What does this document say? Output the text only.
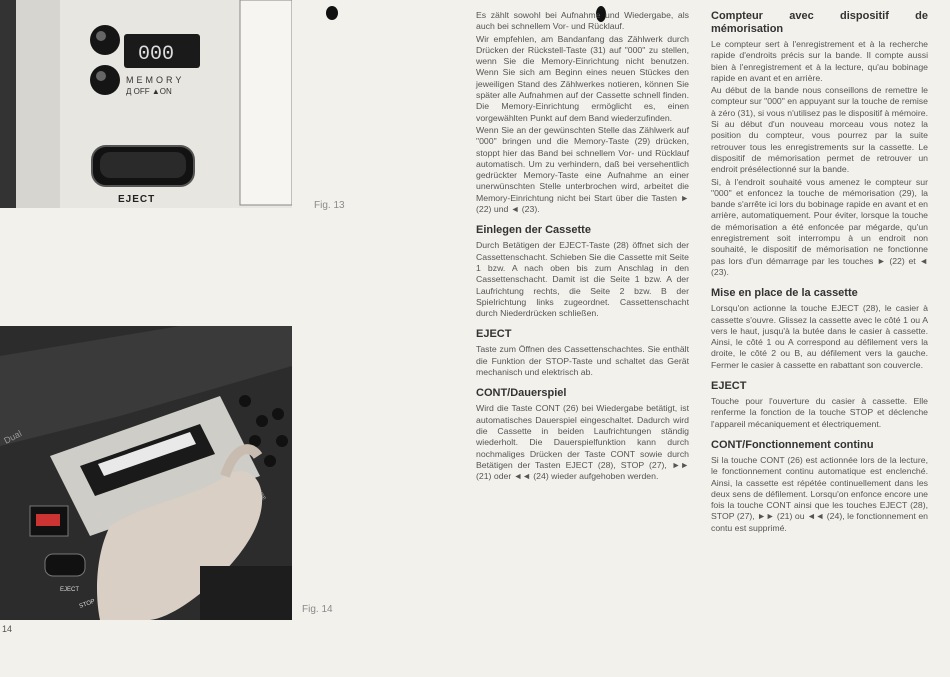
000
MEMORY
Д OFF ▲ON
EJECT
Fig. 13
Dual
EJECT
STOP	Fig. 14
14

Es zählt sowohl bei Aufnahme und Wiedergabe, als auch bei schnellem Vor- und Rücklauf.

Wir empfehlen, am Bandanfang das Zählwerk durch Drücken der Rückstell-Taste (31) auf "000" zu stellen, wenn Sie die Memory-Einrichtung nicht benutzen. Wenn Sie sich am Beginn eines neuen Stückes den jeweiligen Stand des Zählwerkes notieren, können Sie später alle Aufnahmen auf der Cassette schnell finden. Die Memory-Einrichtung ermöglicht es, einen vorgewählten Punkt auf dem Band wiederzufinden.

Wenn Sie an der gewünschten Stelle das Zählwerk auf "000" bringen und die Memory-Taste (29) drücken, stoppt hier das Band bei schnellem Vor- und Rücklauf automatisch. Um zu verhindern, daß bei versehentlich gedrückter Memory-Taste eine Aufnahme an einer unerwünschten Stelle unterbrochen wird, arbeitet die Memory-Einrichtung nicht bei Start über die Tasten ► (22) und ◄ (23).

Einlegen der Cassette

Durch Betätigen der EJECT-Taste (28) öffnet sich der Cassettenschacht. Schieben Sie die Cassette mit Seite 1 bzw. A nach oben bis zum Anschlag in den Cassettenschacht. Damit ist die Seite 1 bzw. A der Laufrichtung rechts, die Seite 2 bzw. B der Spielrichtung links zugeordnet. Cassettenschacht durch Niederdrücken schließen.

EJECT

Taste zum Öffnen des Cassettenschachtes. Sie enthält die Funktion der STOP-Taste und schaltet das Gerät mechanisch und elektrisch ab.

CONT/Dauerspiel

Wird die Taste CONT (26) bei Wiedergabe betätigt, ist automatisches Dauerspiel eingeschaltet. Dadurch wird die Cassette in beiden Laufrichtungen ständig wiederholt. Die Dauerspielfunktion kann durch nochmaliges Drücken der Taste CONT sowie durch Betätigen der Tasten EJECT (28), STOP (27), ►► (21) oder ◄◄ (24) wieder aufgehoben werden.

Compteur avec dispositif de mémorisation

Le compteur sert à l'enregistrement et à la recherche rapide d'endroits précis sur la bande. Il compte aussi bien à l'enregistrement et à la lecture, qu'au bobinage rapide en avant et en arrière.

Au début de la bande nous conseillons de remettre le compteur sur "000" en appuyant sur la touche de remise à zéro (31), si vous n'utilisez pas le dispositif à mémoire. Si au début d'un nouveau morceau vous notez la position du compteur, vous pourrez par la suite retrouver tous les enregistrements sur la cassette. Le dispositif de mémorisation permet de retrouver un endroit présélectionné sur la bande.

Si, à l'endroit souhaité vous amenez le compteur sur "000" et enfoncez la touche de mémorisation (29), la bande s'arrête ici lors du bobinage rapide en avant et en arrière, automatiquement. Pour éviter, lorsque la touche de mémorisation a été enfoncée par mégarde, qu'un enregistrement soit interrompu à un endroit non souhaité, le dispositif de mémorisation ne fonctionne pas lors d'un démarrage par les touches ► (22) et ◄ (23).

Mise en place de la cassette

Lorsqu'on actionne la touche EJECT (28), le casier à cassette s'ouvre. Glissez la cassette avec le côté 1 ou A vers le haut, jusqu'à la butée dans le casier à cassette. Ainsi, le côté 1 ou A correspond au défilement vers la droite, le côté 2 ou B, au défilement vers la gauche. Fermer le casier à cassette en rabattant son couvercle.

EJECT

Touche pour l'ouverture du casier à cassette. Elle renferme la fonction de la touche STOP et déclenche l'appareil mécaniquement et électriquement.

CONT/Fonctionnement continu

Si la touche CONT (26) est actionnée lors de la lecture, le fonctionnement continu automatique est enclenché. Ainsi, la cassette est répétée continuellement dans les deux sens de défilement. Lorsqu'on enfonce encore une fois la touche CONT ainsi que les touches EJECT (28), STOP (27), ►► (21) ou ◄◄ (24), le fonctionnement en contu est supprimé.
